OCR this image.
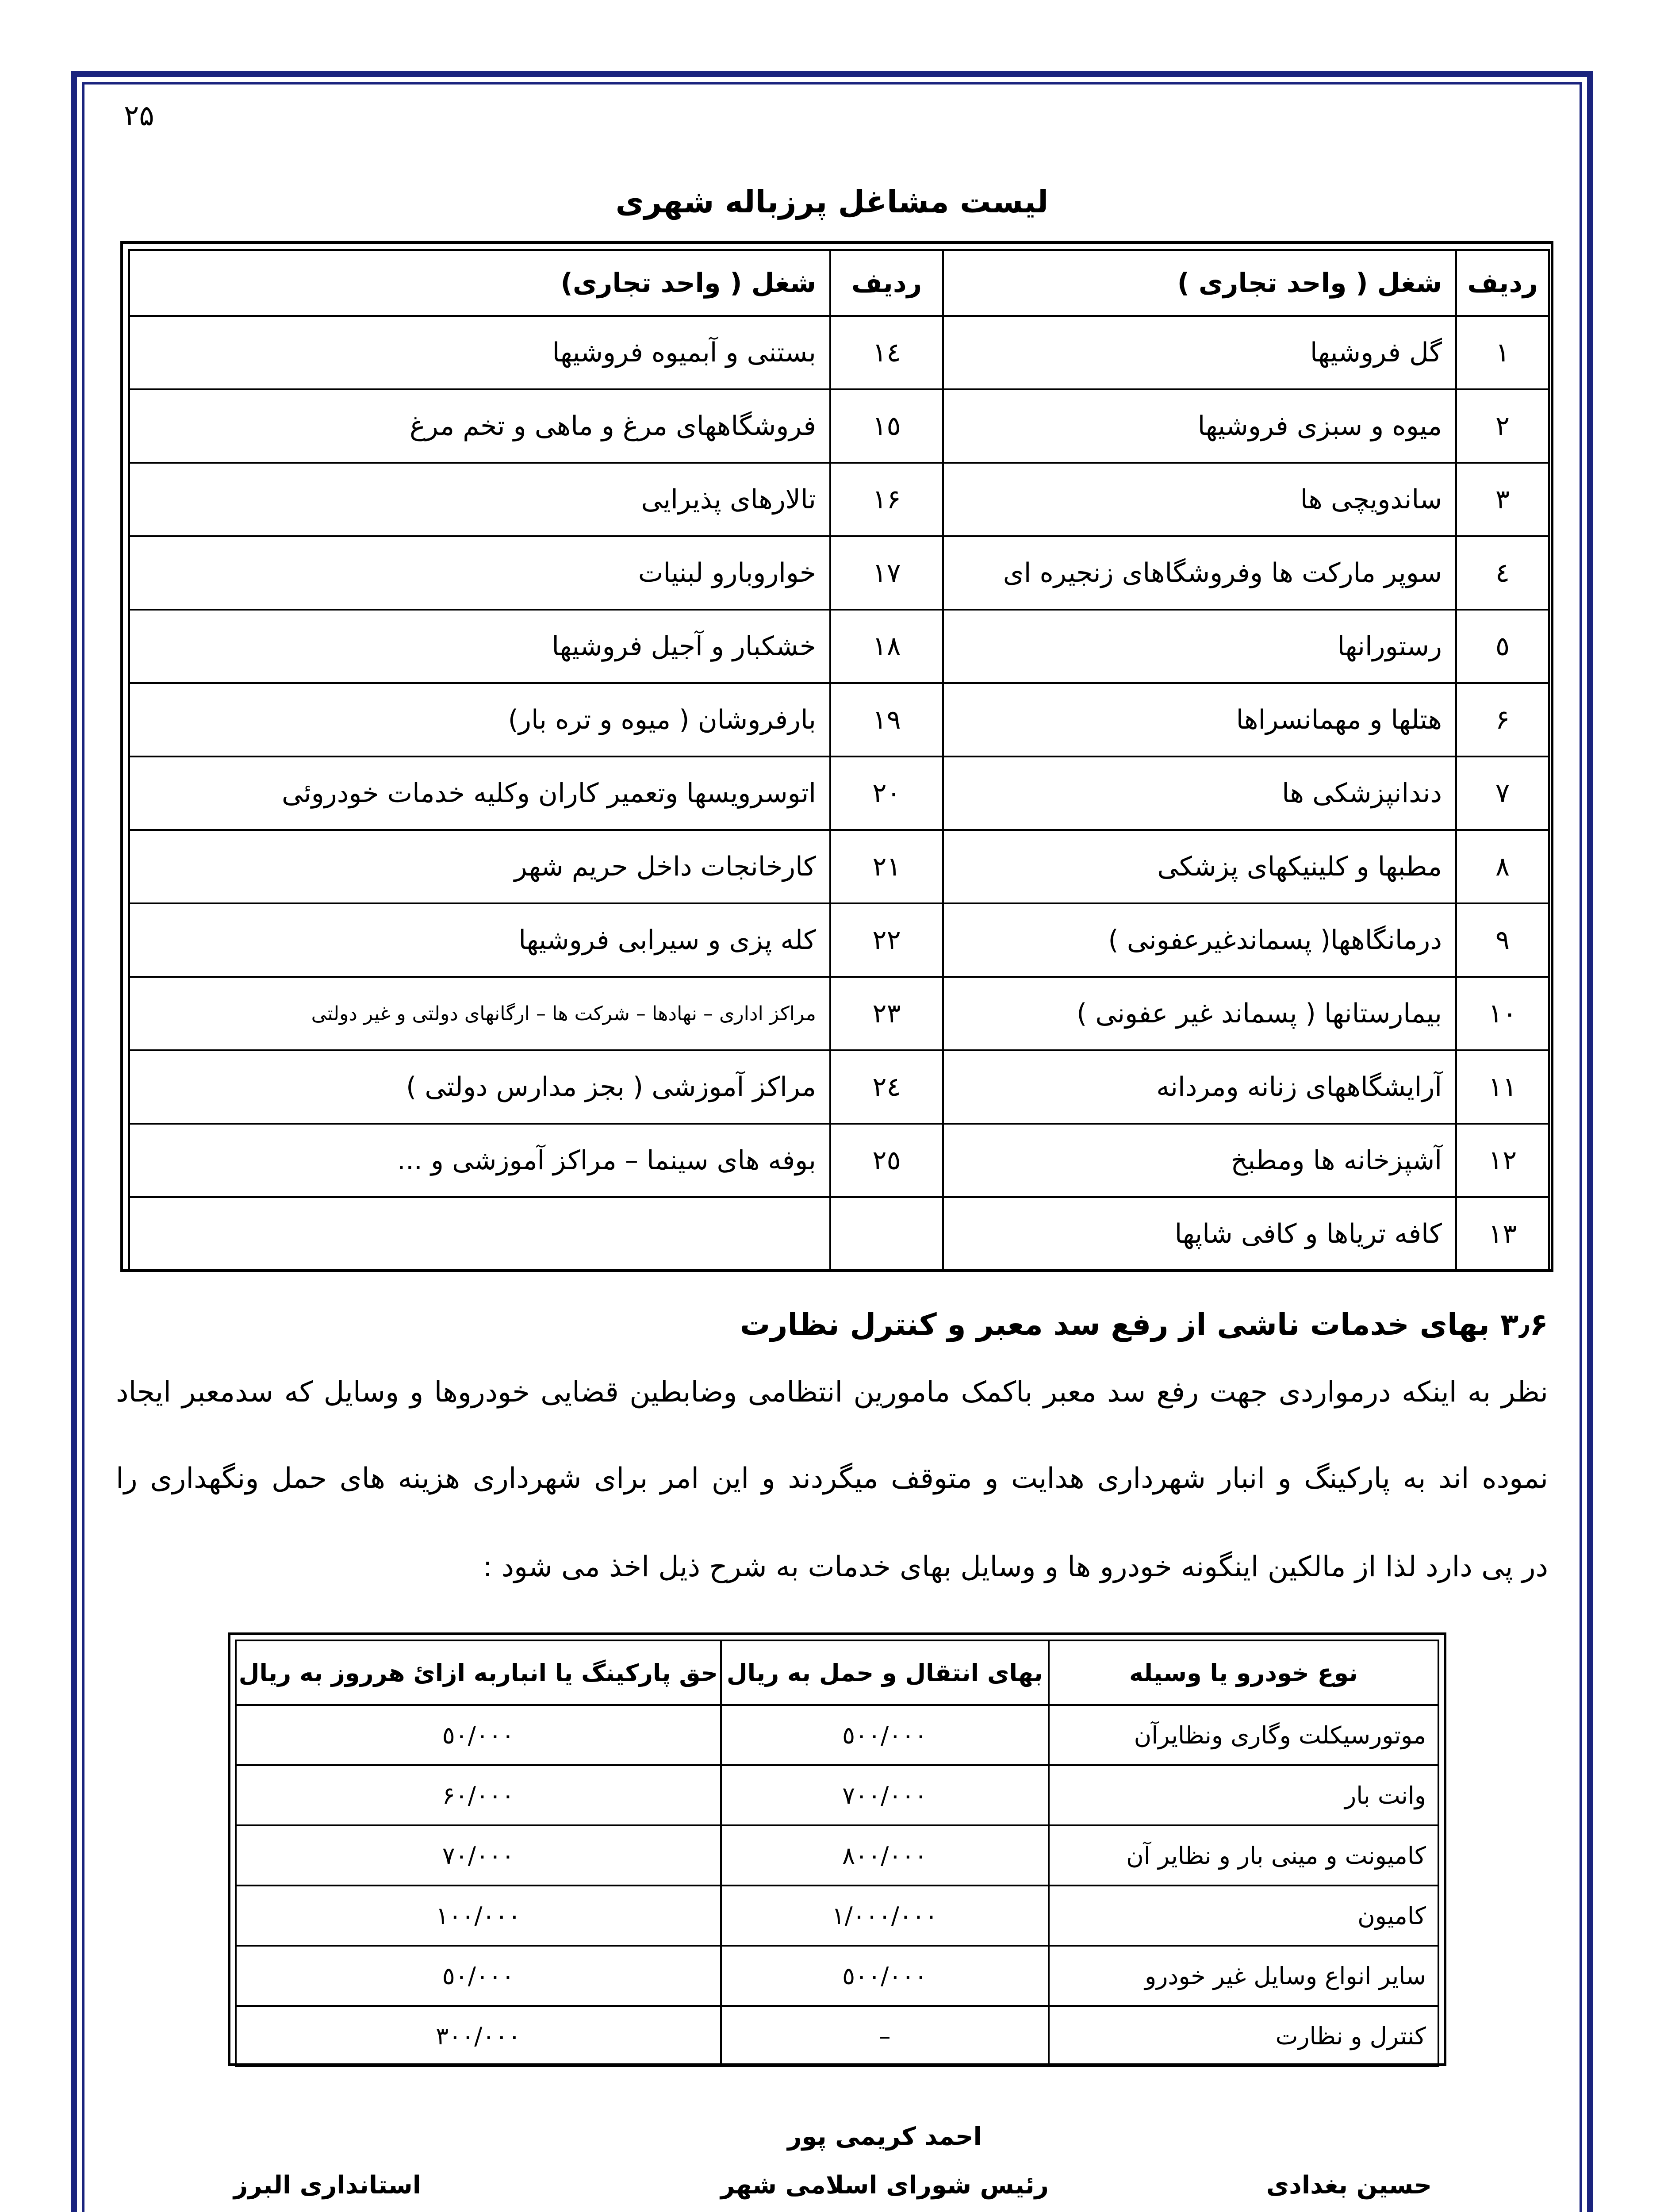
۲۵
لیست مشاغل پرزباله شهری
ردیف	شغل ( واحد تجاری )	ردیف	شغل ( واحد تجاری)
۱	گل فروشیها	۱٤	بستنی و آبمیوه فروشیها
۲	میوه و سبزی فروشیها	۱٥	فروشگاههای مرغ و ماهی و تخم مرغ
۳	ساندویچی ها	۱۶	تالارهای پذیرایی
٤	سوپر مارکت ها وفروشگاهای زنجیره ای	۱۷	خواروبارو لبنیات
٥	رستورانها	۱۸	خشکبار و آجیل فروشیها
۶	هتلها و مهمانسراها	۱۹	بارفروشان ( میوه و تره بار)
۷	دندانپزشکی ها	۲۰	اتوسرویسها وتعمیر کاران وکلیه خدمات خودروئی
۸	مطبها و کلینیکهای پزشکی	۲۱	کارخانجات داخل حریم شهر
۹	درمانگاهها( پسماندغیرعفونی )	۲۲	کله پزی و سیرابی فروشیها
۱۰	بیمارستانها ( پسماند غیر عفونی )	۲۳	مراکز اداری – نهادها – شرکت ها – ارگانهای دولتی و غیر دولتی
۱۱	آرایشگاههای زنانه ومردانه	۲٤	مراکز آموزشی ( بجز مدارس دولتی )
۱۲	آشپزخانه ها ومطبخ	۲٥	بوفه های سینما – مراکز آموزشی و ...
۱۳	کافه تریاها و کافی شاپها		
۳٫۶ بهای خدمات ناشی از رفع سد معبر و کنترل نظارت
نظر به اینکه درمواردی جهت رفع سد معبر باکمک مامورین انتظامی وضابطین قضایی خودروها و وسایل که سدمعبر ایجاد
نموده اند به پارکینگ و انبار شهرداری هدایت و متوقف میگردند و این امر برای شهرداری هزینه های حمل ونگهداری را
در پی دارد لذا از مالکین اینگونه خودرو ها و وسایل بهای خدمات به شرح ذیل اخذ می شود :
نوع خودرو یا وسیله	بهای انتقال و حمل به ریال	حق پارکینگ یا انباربه ازائ هرروز به ریال
موتورسیکلت وگاری ونظایرآن	٥۰۰/۰۰۰	٥۰/۰۰۰
وانت بار	۷۰۰/۰۰۰	۶۰/۰۰۰
کامیونت و مینی بار و نظایر آن	۸۰۰/۰۰۰	۷۰/۰۰۰
کامیون	۱/۰۰۰/۰۰۰	۱۰۰/۰۰۰
سایر انواع وسایل غیر خودرو	٥۰۰/۰۰۰	٥۰/۰۰۰
کنترل و نظارت	–	۳۰۰/۰۰۰
حسین بغدادی
احمد کریمی پور
رئیس شورای اسلامی شهر
استانداری البرز
